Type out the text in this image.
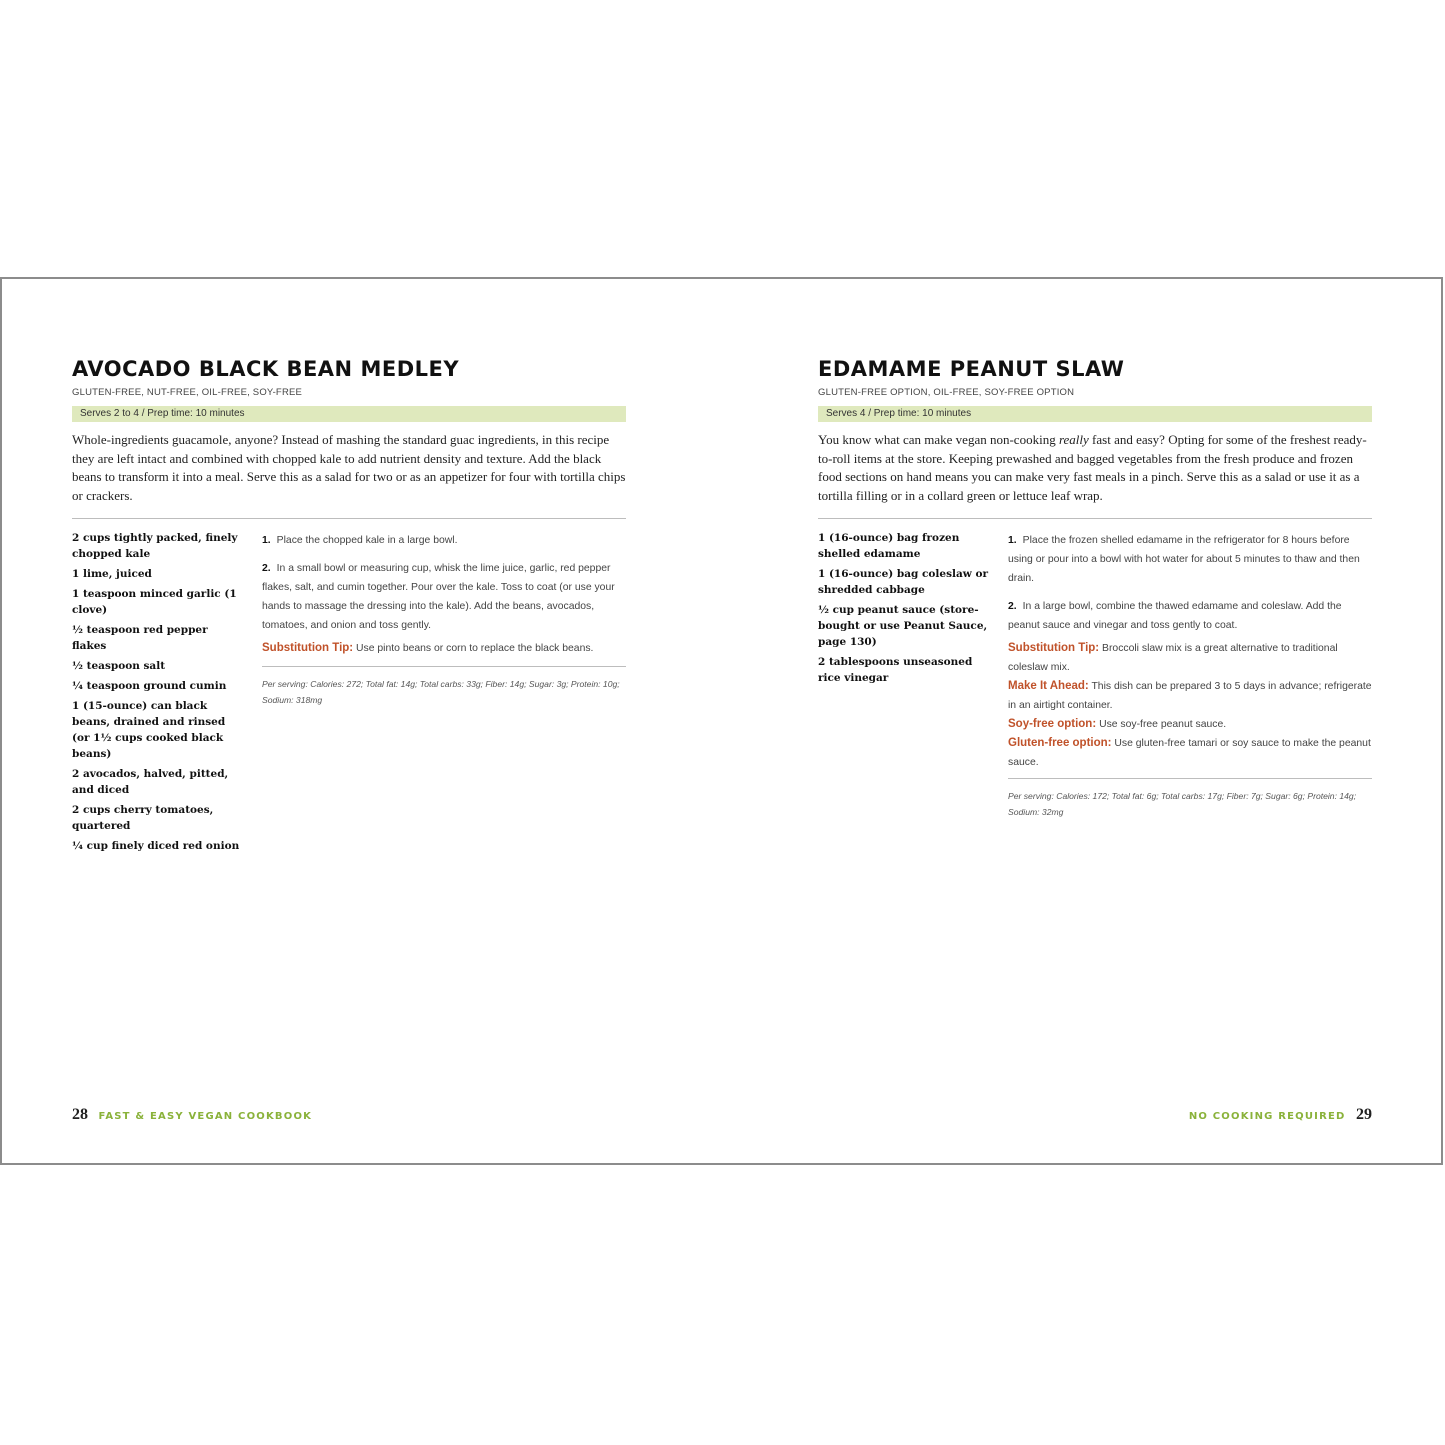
AVOCADO BLACK BEAN MEDLEY
GLUTEN-FREE, NUT-FREE, OIL-FREE, SOY-FREE
Serves 2 to 4 / Prep time: 10 minutes

Whole-ingredients guacamole, anyone? Instead of mashing the standard guac ingredients, in this recipe they are left intact and combined with chopped kale to add nutrient density and texture. Add the black beans to transform it into a meal. Serve this as a salad for two or as an appetizer for four with tortilla chips or crackers.

2 cups tightly packed, finely chopped kale
1 lime, juiced
1 teaspoon minced garlic (1 clove)
½ teaspoon red pepper flakes
½ teaspoon salt
¼ teaspoon ground cumin
1 (15-ounce) can black beans, drained and rinsed (or 1½ cups cooked black beans)
2 avocados, halved, pitted, and diced
2 cups cherry tomatoes, quartered
¼ cup finely diced red onion
1. Place the chopped kale in a large bowl.
2. In a small bowl or measuring cup, whisk the lime juice, garlic, red pepper flakes, salt, and cumin together. Pour over the kale. Toss to coat (or use your hands to massage the dressing into the kale). Add the beans, avocados, tomatoes, and onion and toss gently.

Substitution Tip: Use pinto beans or corn to replace the black beans.

Per serving: Calories: 272; Total fat: 14g; Total carbs: 33g; Fiber: 14g; Sugar: 3g; Protein: 10g; Sodium: 318mg

28 FAST & EASY VEGAN COOKBOOK
EDAMAME PEANUT SLAW
GLUTEN-FREE OPTION, OIL-FREE, SOY-FREE OPTION
Serves 4 / Prep time: 10 minutes

You know what can make vegan non-cooking really fast and easy? Opting for some of the freshest ready-to-roll items at the store. Keeping prewashed and bagged vegetables from the fresh produce and frozen food sections on hand means you can make very fast meals in a pinch. Serve this as a salad or use it as a tortilla filling or in a collard green or lettuce leaf wrap.

1 (16-ounce) bag frozen shelled edamame
1 (16-ounce) bag coleslaw or shredded cabbage
½ cup peanut sauce (store-bought or use Peanut Sauce, page 130)
2 tablespoons unseasoned rice vinegar
1. Place the frozen shelled edamame in the refrigerator for 8 hours before using or pour into a bowl with hot water for about 5 minutes to thaw and then drain.
2. In a large bowl, combine the thawed edamame and coleslaw. Add the peanut sauce and vinegar and toss gently to coat.

Substitution Tip: Broccoli slaw mix is a great alternative to traditional coleslaw mix.

Make It Ahead: This dish can be prepared 3 to 5 days in advance; refrigerate in an airtight container.

Soy-free option: Use soy-free peanut sauce.

Gluten-free option: Use gluten-free tamari or soy sauce to make the peanut sauce.

Per serving: Calories: 172; Total fat: 6g; Total carbs: 17g; Fiber: 7g; Sugar: 6g; Protein: 14g; Sodium: 32mg

NO COOKING REQUIRED 29
